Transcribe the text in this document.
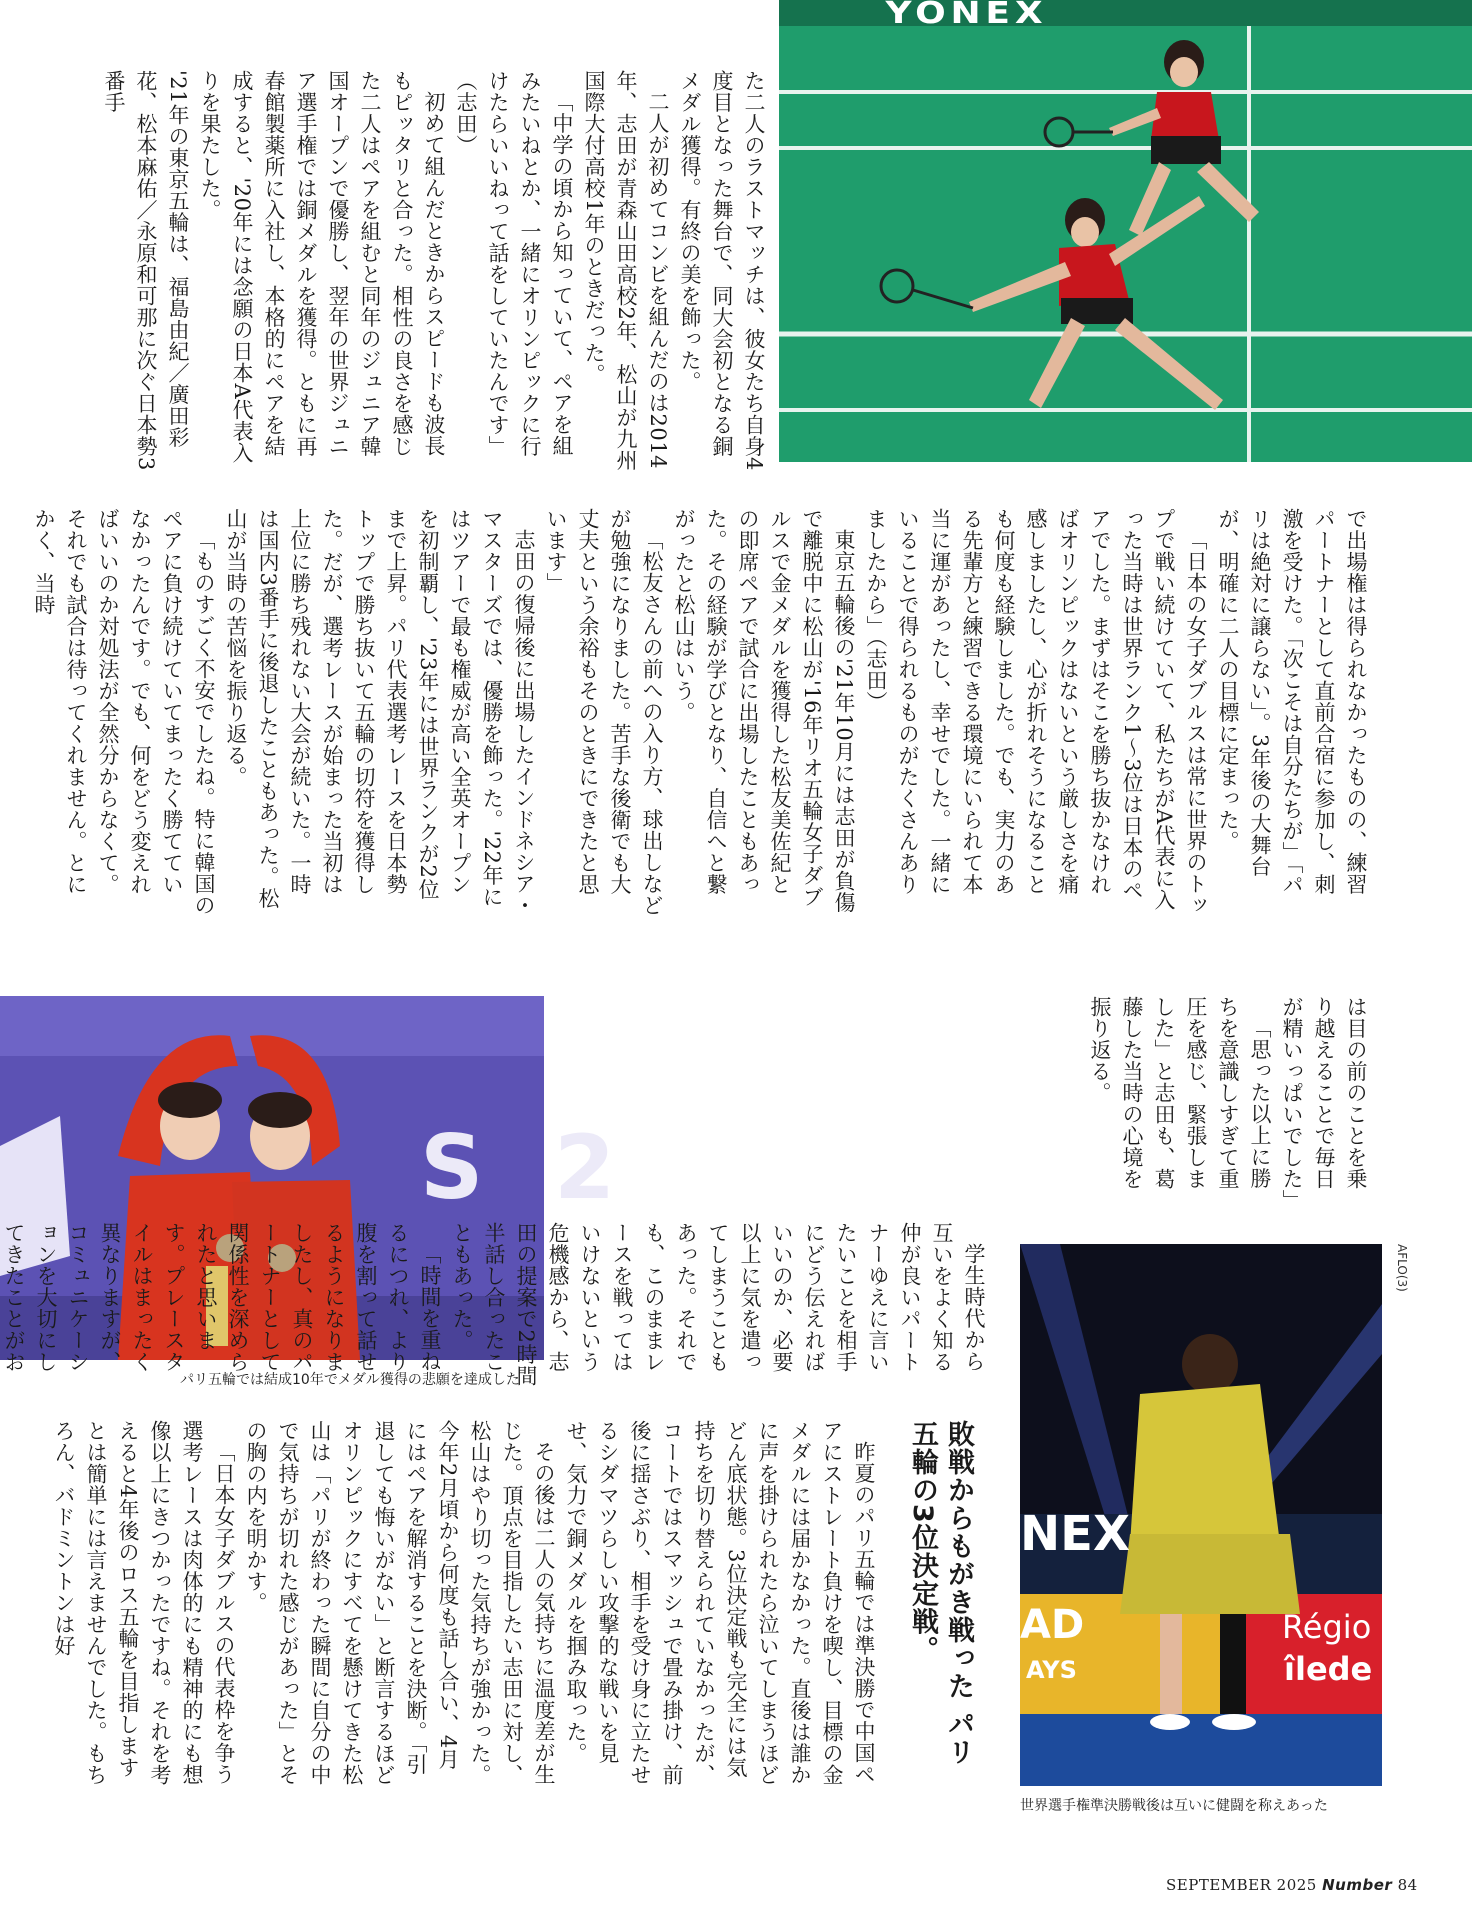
YONEX
S 2
パリ五輪では結成10年でメダル獲得の悲願を達成した
NEX
AD
AYS
Régio
îlede
AFLO(3)
世界選手権準決勝戦後は互いに健闘を称えあった

た二人のラストマッチは、彼女たち自身4度目となった舞台で、同大会初となる銅メダル獲得。有終の美を飾った。

二人が初めてコンビを組んだのは2014年、志田が青森山田高校2年、松山が九州国際大付高校1年のときだった。

「中学の頃から知っていて、ペアを組みたいねとか、一緒にオリンピックに行けたらいいねって話をしていたんです」（志田）

初めて組んだときからスピードも波長もピッタリと合った。相性の良さを感じた二人はペアを組むと同年のジュニア韓国オープンで優勝し、翌年の世界ジュニア選手権では銅メダルを獲得。ともに再春館製薬所に入社し、本格的にペアを結成すると、'20年には念願の日本A代表入りを果たした。

'21年の東京五輪は、福島由紀／廣田彩花、松本麻佑／永原和可那に次ぐ日本勢3番手

で出場権は得られなかったものの、練習パートナーとして直前合宿に参加し、刺激を受けた。「次こそは自分たちが」「パリは絶対に譲らない」。3年後の大舞台が、明確に二人の目標に定まった。

「日本の女子ダブルスは常に世界のトップで戦い続けていて、私たちがA代表に入った当時は世界ランク1～3位は日本のペアでした。まずはそこを勝ち抜かなければオリンピックはないという厳しさを痛感しましたし、心が折れそうになることも何度も経験しました。でも、実力のある先輩方と練習できる環境にいられて本当に運があったし、幸せでした。一緒にいることで得られるものがたくさんありましたから」（志田）

東京五輪後の'21年10月には志田が負傷で離脱中に松山が'16年リオ五輪女子ダブルスで金メダルを獲得した松友美佐紀との即席ペアで試合に出場したこともあった。その経験が学びとなり、自信へと繋がったと松山はいう。

「松友さんの前への入り方、球出しなどが勉強になりました。苦手な後衛でも大丈夫という余裕もそのときにできたと思います」

志田の復帰後に出場したインドネシア・マスターズでは、優勝を飾った。'22年にはツアーで最も権威が高い全英オープンを初制覇し、'23年には世界ランクが2位まで上昇。パリ代表選考レースを日本勢トップで勝ち抜いて五輪の切符を獲得した。だが、選考レースが始まった当初は上位に勝ち残れない大会が続いた。一時は国内3番手に後退したこともあった。松山が当時の苦悩を振り返る。

「ものすごく不安でしたね。特に韓国のペアに負け続けていてまったく勝てていなかったんです。でも、何をどう変えればいいのか対処法が全然分からなくて。それでも試合は待ってくれません。とにかく、当時

は目の前のことを乗り越えることで毎日が精いっぱいでした」

「思った以上に勝ちを意識しすぎて重圧を感じ、緊張しました」と志田も、葛藤した当時の心境を振り返る。

学生時代から互いをよく知る仲が良いパートナーゆえに言いたいことを相手にどう伝えればいいのか、必要以上に気を遣ってしまうこともあった。それでも、このままレースを戦ってはいけないという危機感から、志田の提案で2時間半話し合ったこともあった。

「時間を重ねるにつれ、より腹を割って話せるようになりましたし、真のパートナーとして関係性を深められたと思います。プレースタイルはまったく異なりますが、コミュニケーションを大切にしてきたことがお

敗戦からもがき戦った パリ五輪の3位決定戦。

昨夏のパリ五輪では準決勝で中国ペアにストレート負けを喫し、目標の金メダルには届かなかった。直後は誰かに声を掛けられたら泣いてしまうほどどん底状態。3位決定戦も完全には気持ちを切り替えられていなかったが、コートではスマッシュで畳み掛け、前後に揺さぶり、相手を受け身に立たせるシダマツらしい攻撃的な戦いを見せ、気力で銅メダルを掴み取った。

その後は二人の気持ちに温度差が生じた。頂点を目指したい志田に対し、松山はやり切った気持ちが強かった。今年2月頃から何度も話し合い、4月にはペアを解消することを決断。「引退しても悔いがない」と断言するほどオリンピックにすべてを懸けてきた松山は「パリが終わった瞬間に自分の中で気持ちが切れた感じがあった」とその胸の内を明かす。

「日本女子ダブルスの代表枠を争う選考レースは肉体的にも精神的にも想像以上にきつかったですね。それを考えると4年後のロス五輪を目指しますとは簡単には言えませんでした。もちろん、バドミントンは好

SEPTEMBER 2025 Number 84
